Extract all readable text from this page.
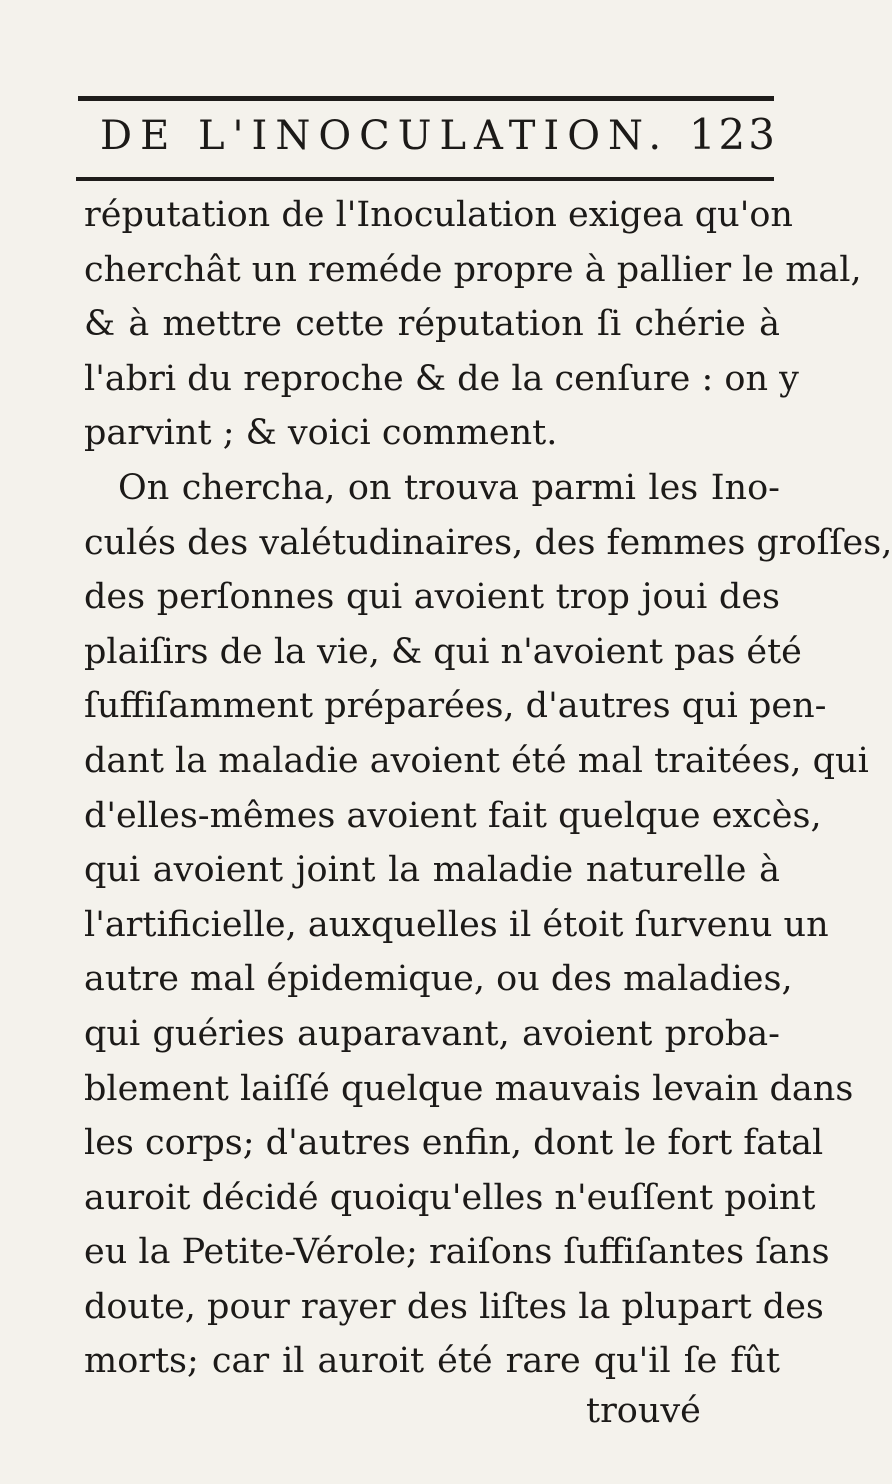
DE L'INOCULATION. 123
réputation de l'Inoculation exigea qu'on
cherchât un reméde propre à pallier le mal,
& à mettre cette réputation ſi chérie à
l'abri du reproche & de la cenſure : on y
parvint ; & voici comment.
On chercha, on trouva parmi les Ino-
culés des valétudinaires, des femmes groſſes,
des perſonnes qui avoient trop joui des
plaiſirs de la vie, & qui n'avoient pas été
ſuffiſamment préparées, d'autres qui pen-
dant la maladie avoient été mal traitées, qui
d'elles-mêmes avoient fait quelque excès,
qui avoient joint la maladie naturelle à
l'artificielle, auxquelles il étoit ſurvenu un
autre mal épidemique, ou des maladies,
qui guéries auparavant, avoient proba-
blement laiſſé quelque mauvais levain dans
les corps; d'autres enfin, dont le fort fatal
auroit décidé quoiqu'elles n'euſſent point
eu la Petite-Vérole; raiſons ſuffiſantes ſans
doute, pour rayer des liſtes la plupart des
morts; car il auroit été rare qu'il ſe fût
trouvé
